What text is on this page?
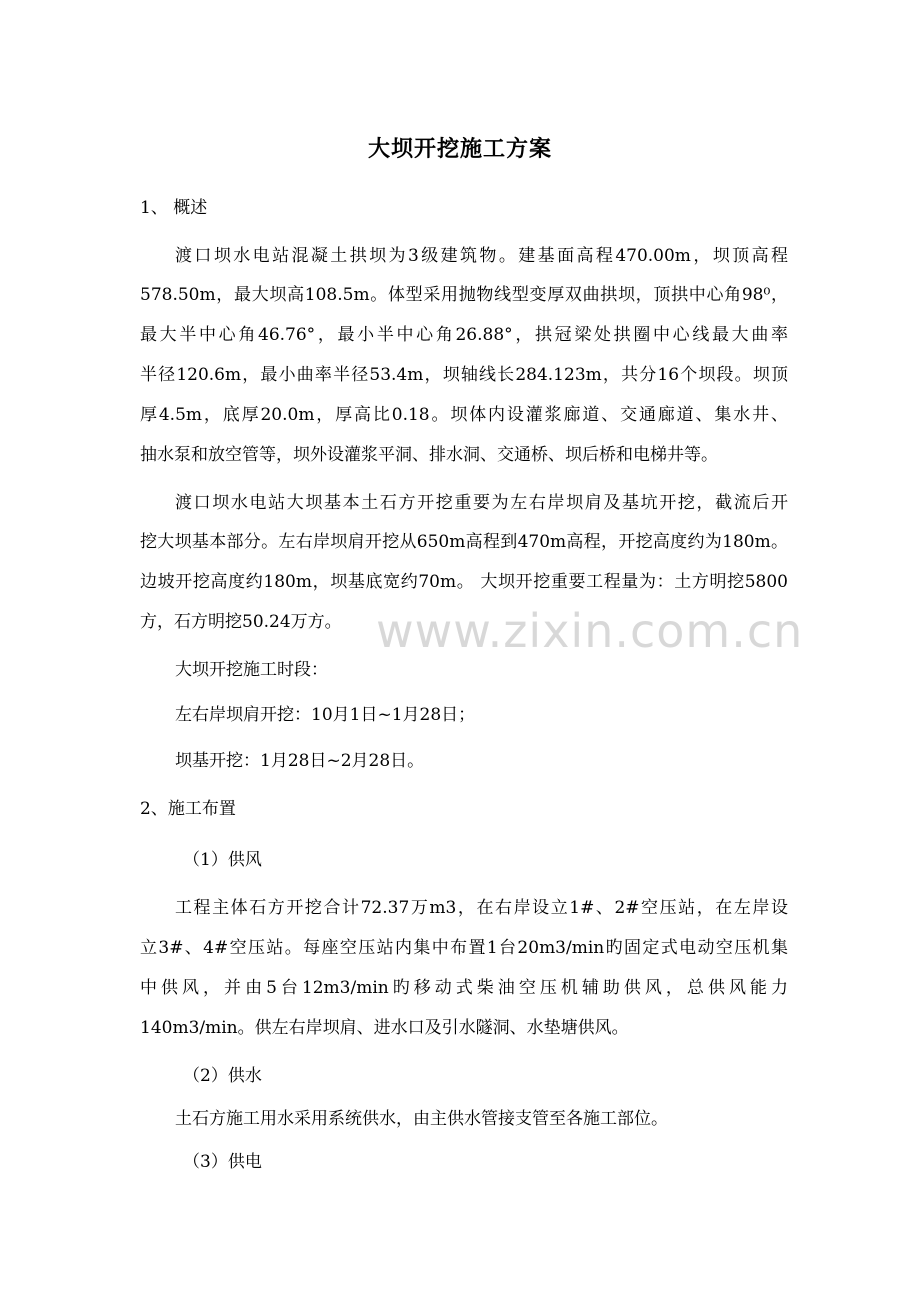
www.zixin.com.cn
大坝开挖施工方案
1、 概述
渡口坝水电站混凝土拱坝为3级建筑物。建基面高程470.00m，坝顶高程
578.50m，最大坝高108.5m。体型采用抛物线型变厚双曲拱坝，顶拱中心角98⁰，
最大半中心角46.76°，最小半中心角26.88°，拱冠梁处拱圈中心线最大曲率
半径120.6m，最小曲率半径53.4m，坝轴线长284.123m，共分16个坝段。坝顶
厚4.5m，底厚20.0m，厚高比0.18。坝体内设灌浆廊道、交通廊道、集水井、
抽水泵和放空管等，坝外设灌浆平洞、排水洞、交通桥、坝后桥和电梯井等。
渡口坝水电站大坝基本土石方开挖重要为左右岸坝肩及基坑开挖，截流后开
挖大坝基本部分。左右岸坝肩开挖从650m高程到470m高程，开挖高度约为180m。
边坡开挖高度约180m，坝基底宽约70m。 大坝开挖重要工程量为：土方明挖5800
方，石方明挖50.24万方。
大坝开挖施工时段：
左右岸坝肩开挖：10月1日~1月28日；
坝基开挖：1月28日~2月28日。
2、施工布置
（1）供风
工程主体石方开挖合计72.37万m3，在右岸设立1#、2#空压站，在左岸设
立3#、4#空压站。每座空压站内集中布置1台20m3/min旳固定式电动空压机集
中供风，并由5台12m3/min旳移动式柴油空压机辅助供风，总供风能力
140m3/min。供左右岸坝肩、进水口及引水隧洞、水垫塘供风。
（2）供水
土石方施工用水采用系统供水，由主供水管接支管至各施工部位。
（3）供电
